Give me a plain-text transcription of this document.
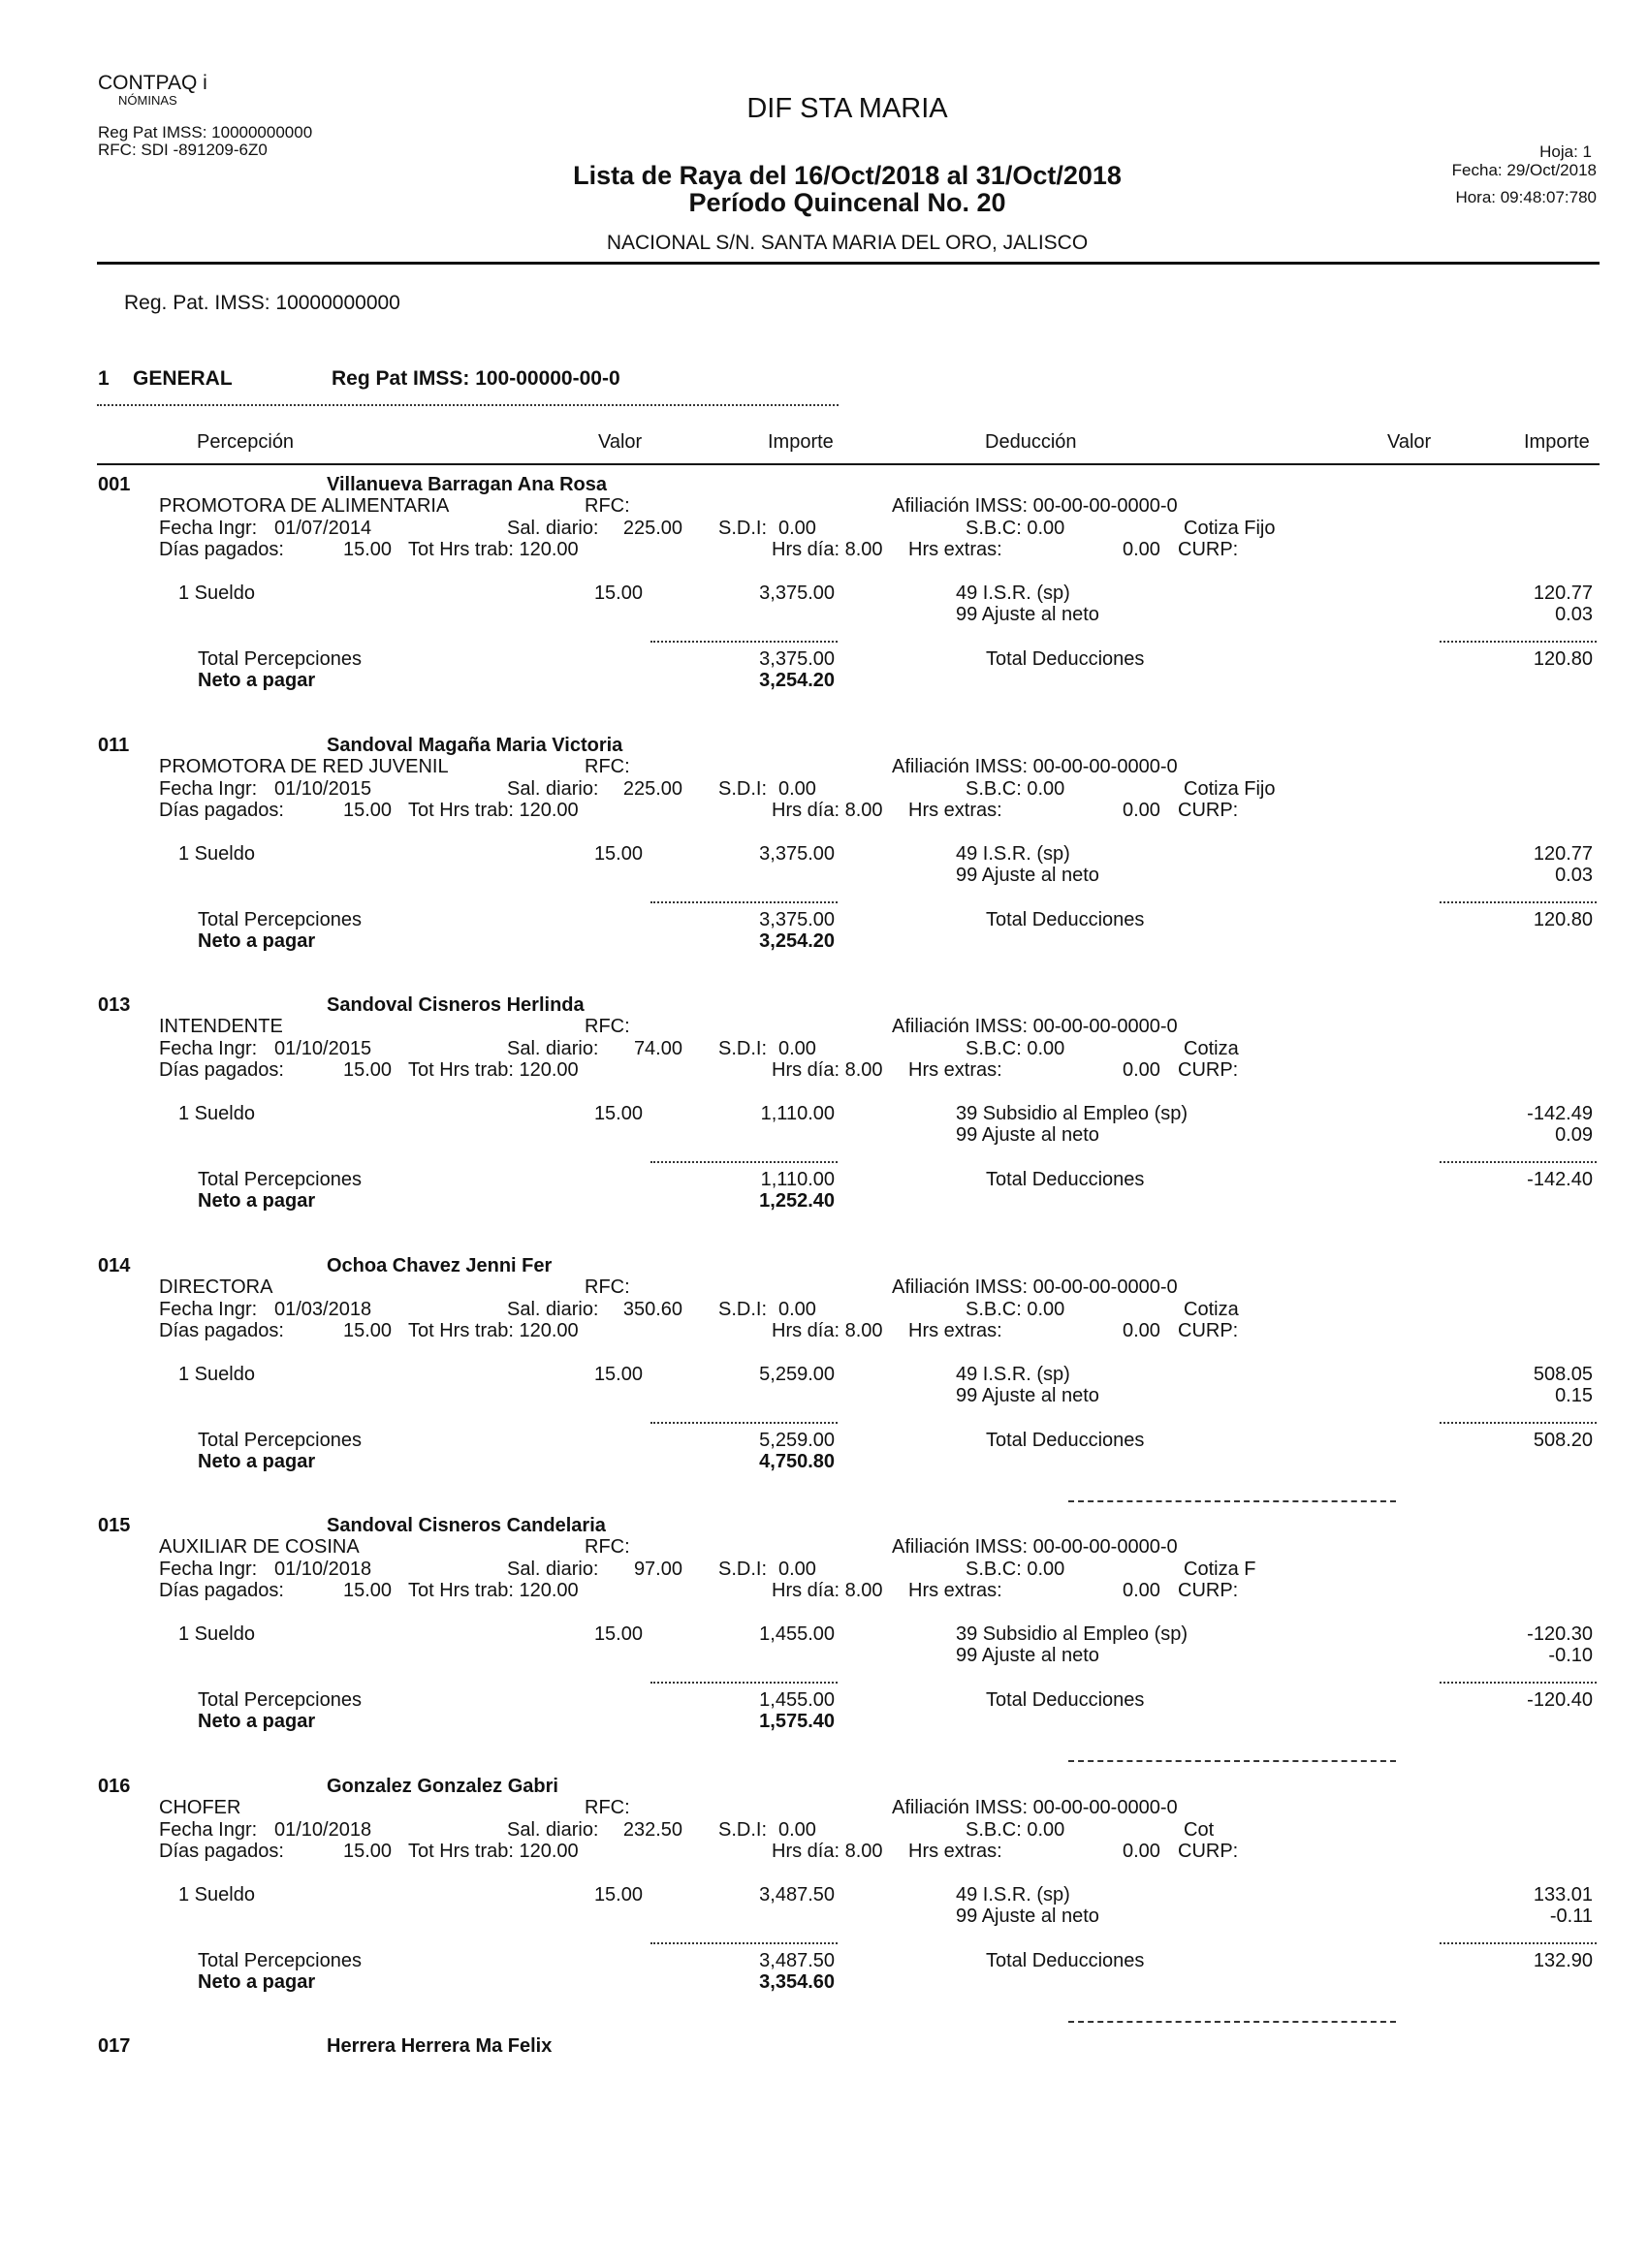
CONTPAQ i
NÓMINAS
Reg Pat IMSS: 10000000000
RFC: SDI -891209-6Z0
DIF STA MARIA
Lista de Raya del 16/Oct/2018 al 31/Oct/2018
Período Quincenal No. 20
NACIONAL S/N. SANTA MARIA DEL ORO, JALISCO
Hoja: 1
Fecha: 29/Oct/2018
Hora: 09:48:07:780
Reg. Pat. IMSS: 10000000000
1 GENERAL	Reg Pat IMSS: 100-00000-00-0
Percepción	Valor	Importe	Deducción	Valor	Importe
001	Villanueva Barragan Ana Rosa
PROMOTORA DE ALIMENTARIA	RFC:	Afiliación IMSS: 00-00-00-0000-0
Fecha Ingr: 01/07/2014	Sal. diario: 225.00 S.D.I: 0.00	S.B.C: 0.00	Cotiza Fijo
Días pagados:	15.00 Tot Hrs trab: 120.00	Hrs día: 8.00 Hrs extras:	0.00 CURP:
1 Sueldo	15.00	3,375.00	49 I.S.R. (sp)	120.77
99 Ajuste al neto	0.03
Total Percepciones	3,375.00	Total Deducciones	120.80
Neto a pagar	3,254.20
011	Sandoval Magaña Maria Victoria
PROMOTORA DE RED JUVENIL	RFC:	Afiliación IMSS: 00-00-00-0000-0
Fecha Ingr: 01/10/2015	Sal. diario: 225.00 S.D.I: 0.00	S.B.C: 0.00	Cotiza Fijo
Días pagados:	15.00 Tot Hrs trab: 120.00	Hrs día: 8.00 Hrs extras:	0.00 CURP:
1 Sueldo	15.00	3,375.00	49 I.S.R. (sp)	120.77
99 Ajuste al neto	0.03
Total Percepciones	3,375.00	Total Deducciones	120.80
Neto a pagar	3,254.20
013	Sandoval Cisneros Herlinda
INTENDENTE	RFC:	Afiliación IMSS: 00-00-00-0000-0
Fecha Ingr: 01/10/2015	Sal. diario: 74.00 S.D.I: 0.00	S.B.C: 0.00	Cotiza
Días pagados:	15.00 Tot Hrs trab: 120.00	Hrs día: 8.00 Hrs extras:	0.00 CURP:
1 Sueldo	15.00	1,110.00	39 Subsidio al Empleo (sp)	-142.49
99 Ajuste al neto	0.09
Total Percepciones	1,110.00	Total Deducciones	-142.40
Neto a pagar	1,252.40
014	Ochoa Chavez Jenni Fer
DIRECTORA	RFC:	Afiliación IMSS: 00-00-00-0000-0
Fecha Ingr: 01/03/2018	Sal. diario: 350.60 S.D.I: 0.00	S.B.C: 0.00	Cotiza
Días pagados:	15.00 Tot Hrs trab: 120.00	Hrs día: 8.00 Hrs extras:	0.00 CURP:
1 Sueldo	15.00	5,259.00	49 I.S.R. (sp)	508.05
99 Ajuste al neto	0.15
Total Percepciones	5,259.00	Total Deducciones	508.20
Neto a pagar	4,750.80
015	Sandoval Cisneros Candelaria
AUXILIAR DE COSINA	RFC:	Afiliación IMSS: 00-00-00-0000-0
Fecha Ingr: 01/10/2018	Sal. diario: 97.00 S.D.I: 0.00	S.B.C: 0.00	Cotiza F
Días pagados:	15.00 Tot Hrs trab: 120.00	Hrs día: 8.00 Hrs extras:	0.00 CURP:
1 Sueldo	15.00	1,455.00	39 Subsidio al Empleo (sp)	-120.30
99 Ajuste al neto	-0.10
Total Percepciones	1,455.00	Total Deducciones	-120.40
Neto a pagar	1,575.40
016	Gonzalez Gonzalez Gabri
CHOFER	RFC:	Afiliación IMSS: 00-00-00-0000-0
Fecha Ingr: 01/10/2018	Sal. diario: 232.50 S.D.I: 0.00	S.B.C: 0.00	Cot
Días pagados:	15.00 Tot Hrs trab: 120.00	Hrs día: 8.00 Hrs extras:	0.00 CURP:
1 Sueldo	15.00	3,487.50	49 I.S.R. (sp)	133.01
99 Ajuste al neto	-0.11
Total Percepciones	3,487.50	Total Deducciones	132.90
Neto a pagar	3,354.60
017	Herrera Herrera Ma Felix
